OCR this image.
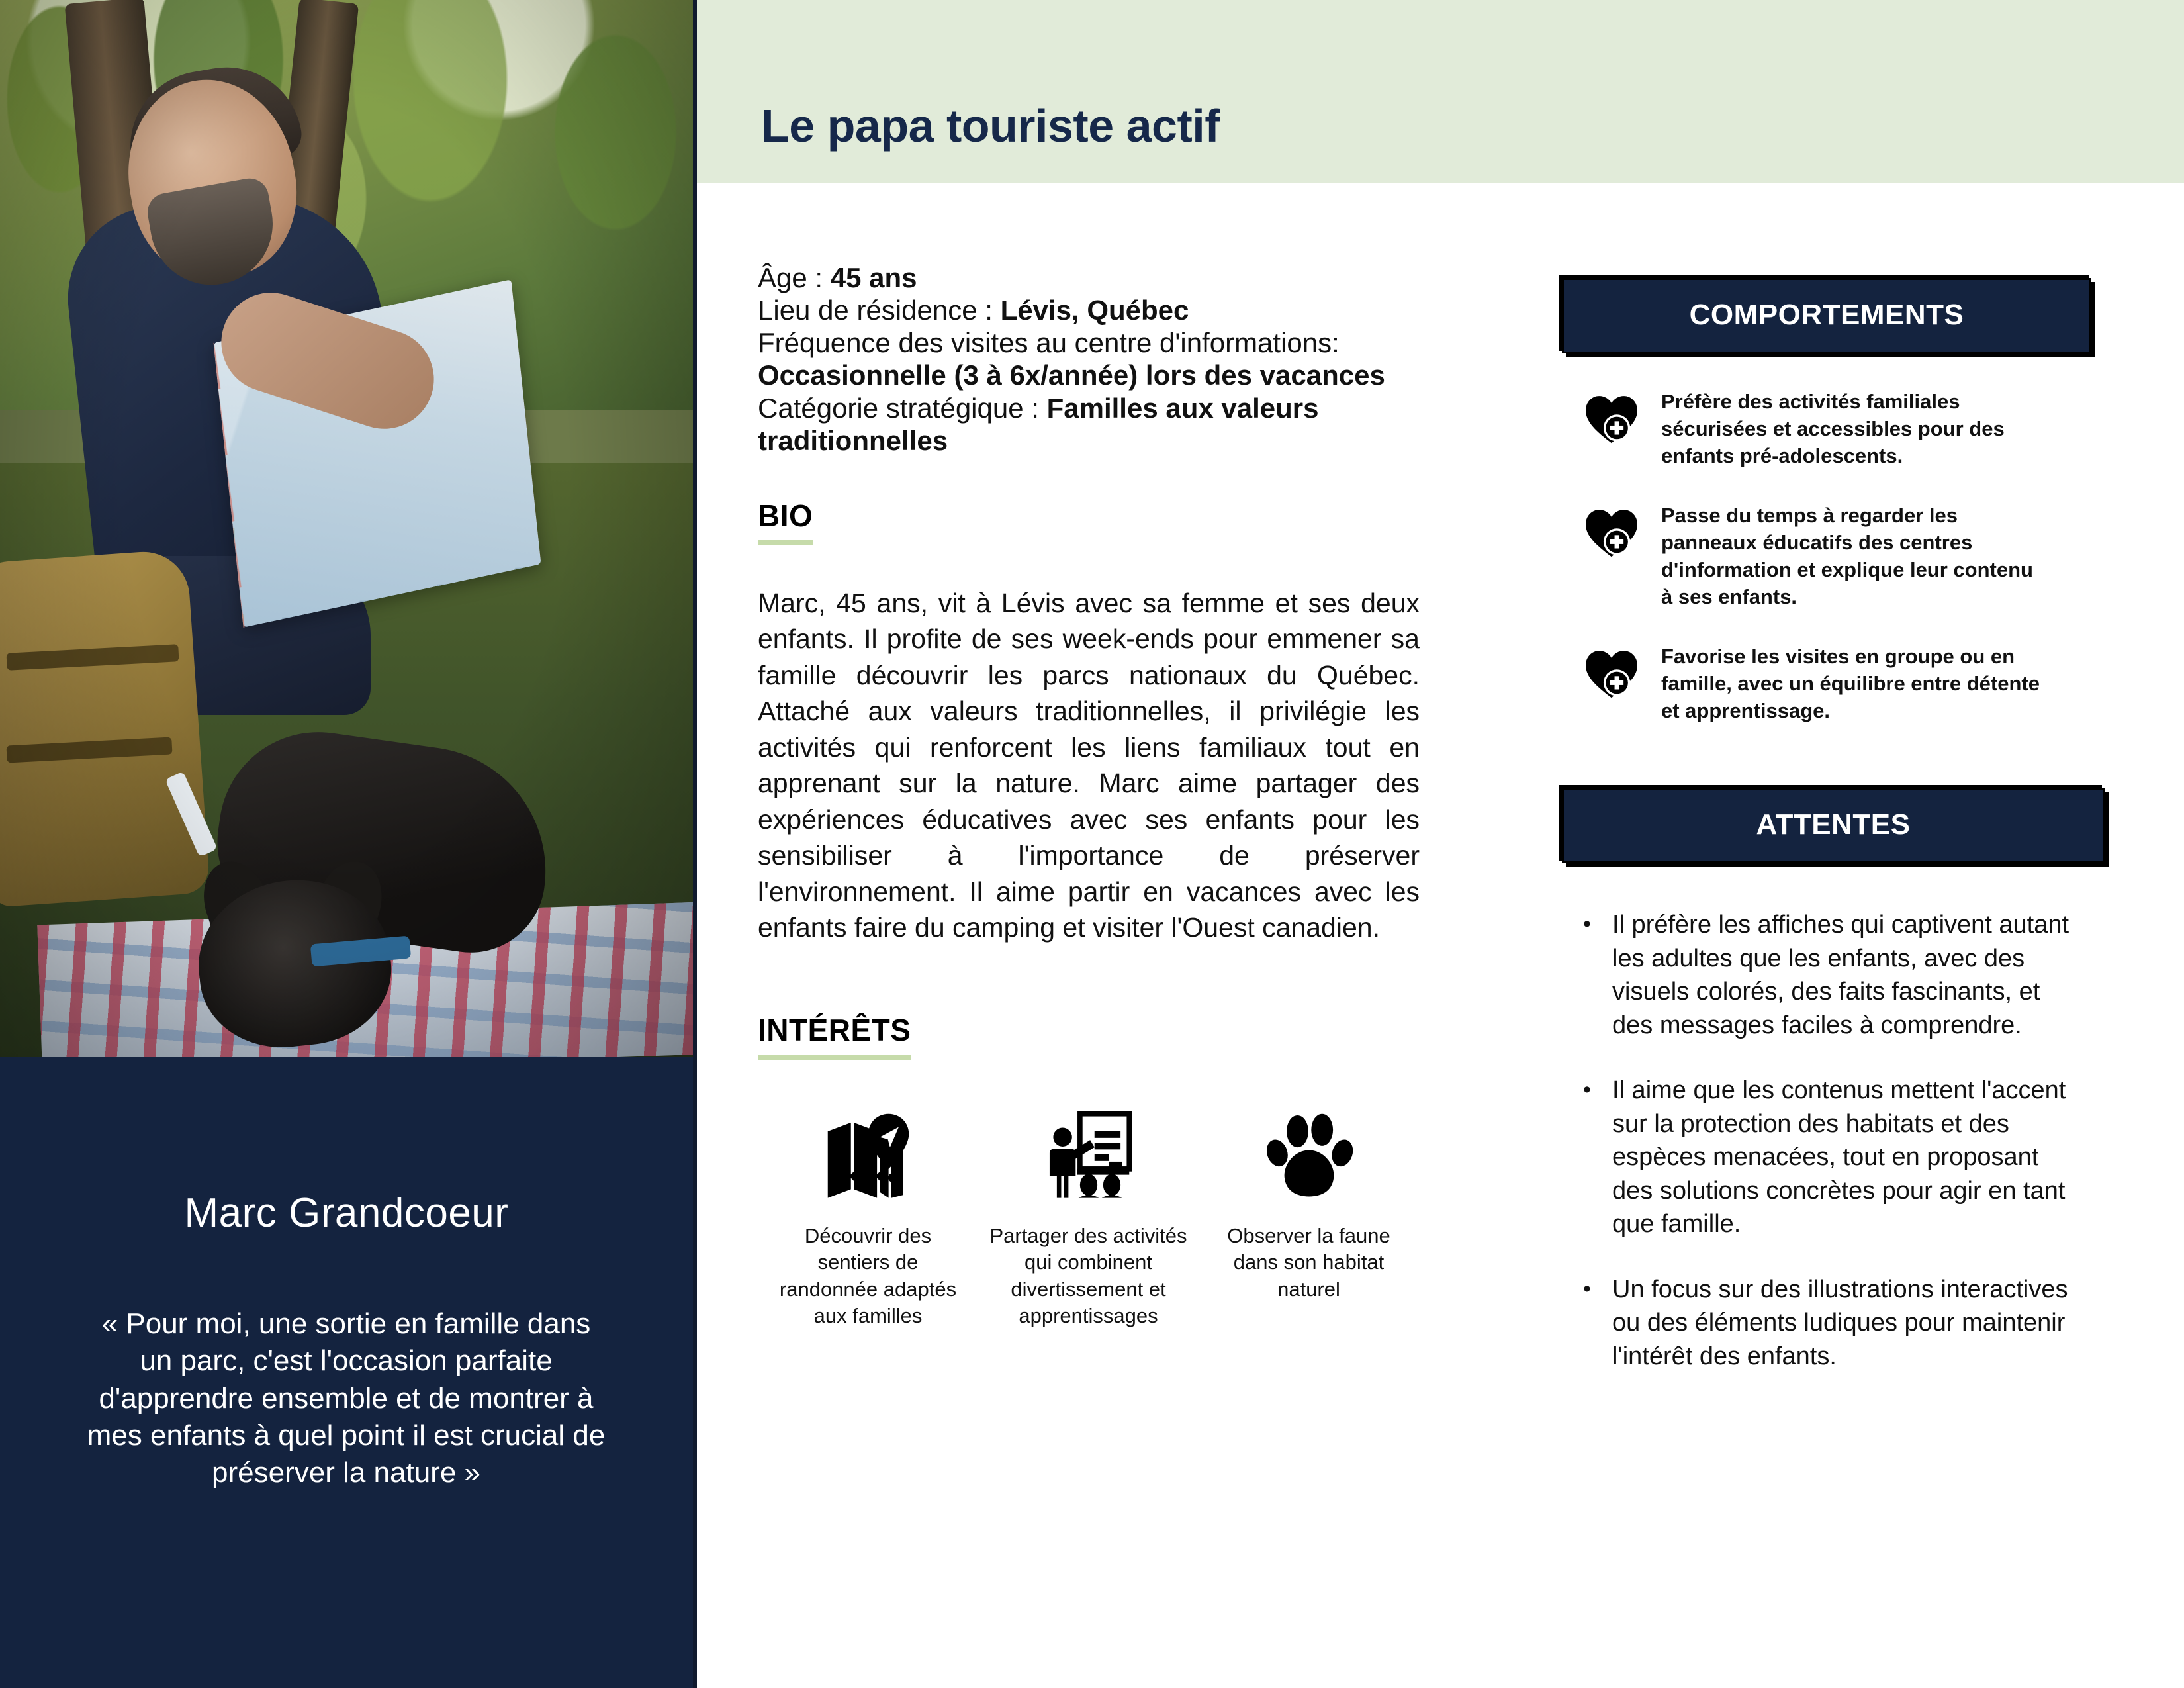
Marc Grandcoeur
« Pour moi, une sortie en famille dans un parc, c'est l'occasion parfaite d'apprendre ensemble et de montrer à mes enfants à quel point il est crucial de préserver la nature »
Le papa touriste actif
Âge : 45 ans
Lieu de résidence : Lévis, Québec
Fréquence des visites au centre d'informations:
Occasionnelle (3 à 6x/année) lors des vacances
Catégorie stratégique : Familles aux valeurs traditionnelles
BIO
Marc, 45 ans, vit à Lévis avec sa femme et ses deux enfants. Il profite de ses week-ends pour emmener sa famille découvrir les parcs nationaux du Québec. Attaché aux valeurs traditionnelles, il privilégie les activités qui renforcent les liens familiaux tout en apprenant sur la nature. Marc aime partager des expériences éducatives avec ses enfants pour les sensibiliser à l'importance de préserver l'environnement. Il aime partir en vacances avec les enfants faire du camping et visiter l'Ouest canadien.
INTÉRÊTS
Découvrir des sentiers de randonnée adaptés aux familles
Partager des activités qui combinent divertissement et apprentissages
Observer la faune dans son habitat naturel
COMPORTEMENTS
Préfère des activités familiales sécurisées et accessibles pour des enfants pré-adolescents.
Passe du temps à regarder les panneaux éducatifs des centres d'information et explique leur contenu à ses enfants.
Favorise les visites en groupe ou en famille, avec un équilibre entre détente et apprentissage.
ATTENTES
• Il préfère les affiches qui captivent autant les adultes que les enfants, avec des visuels colorés, des faits fascinants, et des messages faciles à comprendre.
• Il aime que les contenus mettent l'accent sur la protection des habitats et des espèces menacées, tout en proposant des solutions concrètes pour agir en tant que famille.
• Un focus sur des illustrations interactives ou des éléments ludiques pour maintenir l'intérêt des enfants.
